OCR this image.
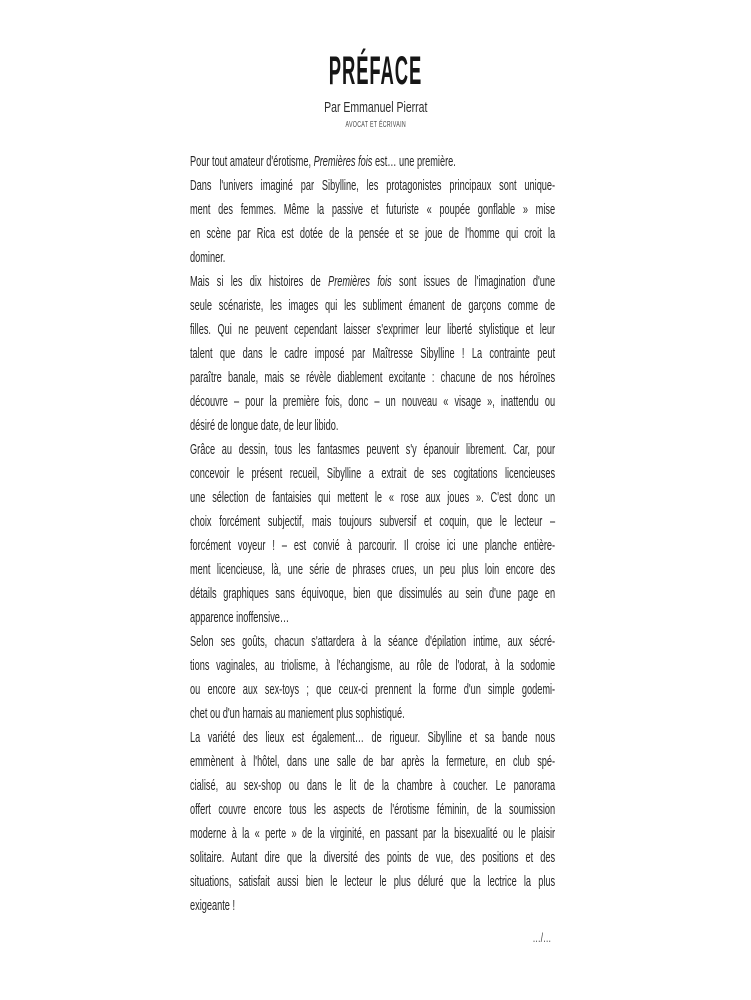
PRÉFACE
Par Emmanuel Pierrat
AVOCAT ET ÉCRIVAIN
Pour tout amateur d'érotisme, Premières fois est… une première.
Dans l'univers imaginé par Sibylline, les protagonistes principaux sont unique-
ment des femmes. Même la passive et futuriste « poupée gonflable » mise
en scène par Rica est dotée de la pensée et se joue de l'homme qui croit la
dominer.
Mais si les dix histoires de Premières fois sont issues de l'imagination d'une
seule scénariste, les images qui les subliment émanent de garçons comme de
filles. Qui ne peuvent cependant laisser s'exprimer leur liberté stylistique et leur
talent que dans le cadre imposé par Maîtresse Sibylline ! La contrainte peut
paraître banale, mais se révèle diablement excitante : chacune de nos héroïnes
découvre – pour la première fois, donc – un nouveau « visage », inattendu ou
désiré de longue date, de leur libido.
Grâce au dessin, tous les fantasmes peuvent s'y épanouir librement. Car, pour
concevoir le présent recueil, Sibylline a extrait de ses cogitations licencieuses
une sélection de fantaisies qui mettent le « rose aux joues ». C'est donc un
choix forcément subjectif, mais toujours subversif et coquin, que le lecteur –
forcément voyeur ! – est convié à parcourir. Il croise ici une planche entière-
ment licencieuse, là, une série de phrases crues, un peu plus loin encore des
détails graphiques sans équivoque, bien que dissimulés au sein d'une page en
apparence inoffensive…
Selon ses goûts, chacun s'attardera à la séance d'épilation intime, aux sécré-
tions vaginales, au triolisme, à l'échangisme, au rôle de l'odorat, à la sodomie
ou encore aux sex-toys ; que ceux-ci prennent la forme d'un simple godemi-
chet ou d'un harnais au maniement plus sophistiqué.
La variété des lieux est également… de rigueur. Sibylline et sa bande nous
emmènent à l'hôtel, dans une salle de bar après la fermeture, en club spé-
cialisé, au sex-shop ou dans le lit de la chambre à coucher. Le panorama
offert couvre encore tous les aspects de l'érotisme féminin, de la soumission
moderne à la « perte » de la virginité, en passant par la bisexualité ou le plaisir
solitaire. Autant dire que la diversité des points de vue, des positions et des
situations, satisfait aussi bien le lecteur le plus déluré que la lectrice la plus
exigeante !
…/…
